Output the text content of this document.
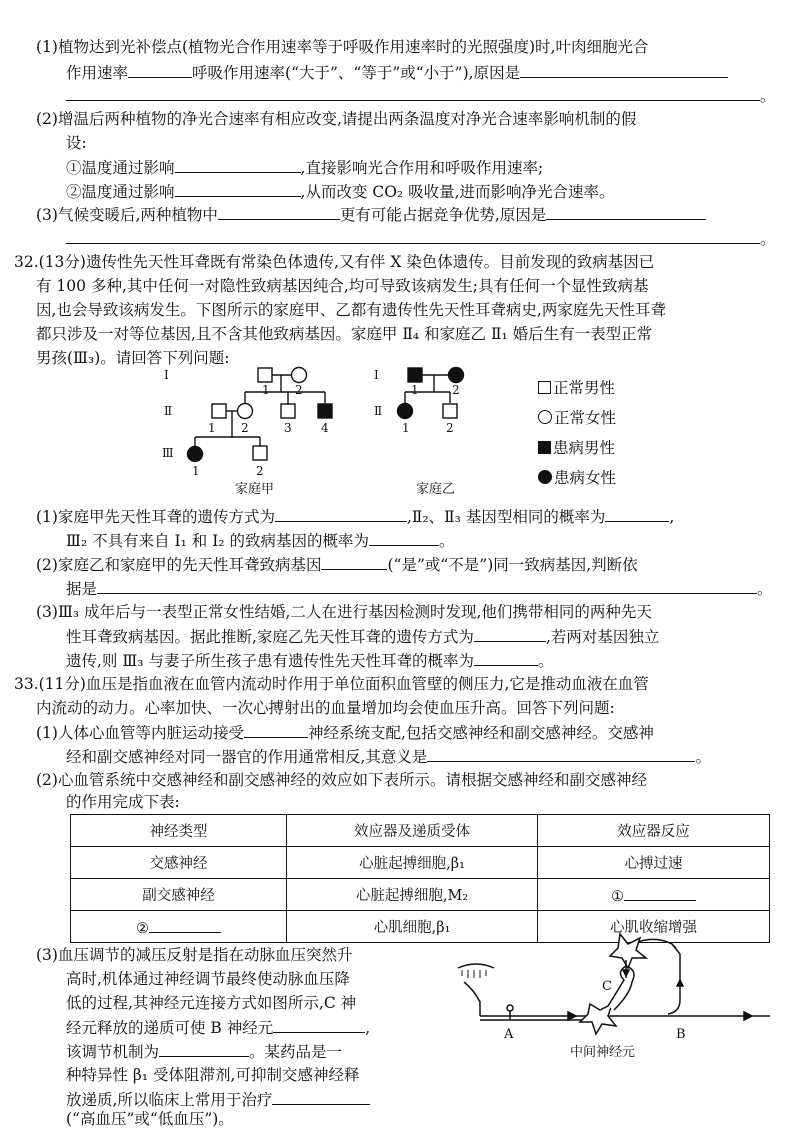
(1)植物达到光补偿点(植物光合作用速率等于呼吸作用速率时的光照强度)时,叶肉细胞光合
作用速率	呼吸作用速率(“大于”、“等于”或“小于”),原因是
。
(2)增温后两种植物的净光合速率有相应改变,请提出两条温度对净光合速率影响机制的假
设:
①温度通过影响	,直接影响光合作用和呼吸作用速率;
②温度通过影响	,从而改变 CO₂ 吸收量,进而影响净光合速率。
(3)气候变暖后,两种植物中	更有可能占据竞争优势,原因是
。
32.(13分)遗传性先天性耳聋既有常染色体遗传,又有伴 X 染色体遗传。目前发现的致病基因已
有 100 多种,其中任何一对隐性致病基因纯合,均可导致该病发生;具有任何一个显性致病基
因,也会导致该病发生。下图所示的家庭甲、乙都有遗传性先天性耳聋病史,两家庭先天性耳聋
都只涉及一对等位基因,且不含其他致病基因。家庭甲 Ⅱ₄ 和家庭乙 Ⅱ₁ 婚后生有一表型正常
男孩(Ⅲ₃)。请回答下列问题:
Ⅰ
Ⅱ
Ⅲ
1 2
1 2	3 4
1	2
家庭甲
Ⅰ
Ⅱ
1	2
1	2
家庭乙
正常男性
正常女性
患病男性
患病女性
(1)家庭甲先天性耳聋的遗传方式为	,Ⅱ₂、Ⅱ₃ 基因型相同的概率为	,
Ⅲ₂ 不具有来自 Ⅰ₁ 和 Ⅰ₂ 的致病基因的概率为	。
(2)家庭乙和家庭甲的先天性耳聋致病基因	(“是”或“不是”)同一致病基因,判断依
据是	。
(3)Ⅲ₃ 成年后与一表型正常女性结婚,二人在进行基因检测时发现,他们携带相同的两种先天
性耳聋致病基因。据此推断,家庭乙先天性耳聋的遗传方式为	,若两对基因独立
遗传,则 Ⅲ₃ 与妻子所生孩子患有遗传性先天性耳聋的概率为	。
33.(11分)血压是指血液在血管内流动时作用于单位面积血管壁的侧压力,它是推动血液在血管
内流动的动力。心率加快、一次心搏射出的血量增加均会使血压升高。回答下列问题:
(1)人体心血管等内脏运动接受	神经系统支配,包括交感神经和副交感神经。交感神
经和副交感神经对同一器官的作用通常相反,其意义是	。
(2)心血管系统中交感神经和副交感神经的效应如下表所示。请根据交感神经和副交感神经
的作用完成下表:
神经类型	效应器及递质受体	效应器反应
交感神经	心脏起搏细胞,β₁	心搏过速
副交感神经	心脏起搏细胞,M₂	①
②	心肌细胞,β₁	心肌收缩增强
(3)血压调节的减压反射是指在动脉血压突然升
高时,机体通过神经调节最终使动脉血压降
低的过程,其神经元连接方式如图所示,C 神
经元释放的递质可使 B 神经元	,
该调节机制为	。某药品是一
种特异性 β₁ 受体阻滞剂,可抑制交感神经释
放递质,所以临床上常用于治疗
(“高血压”或“低血压”)。
A	B
C
中间神经元
